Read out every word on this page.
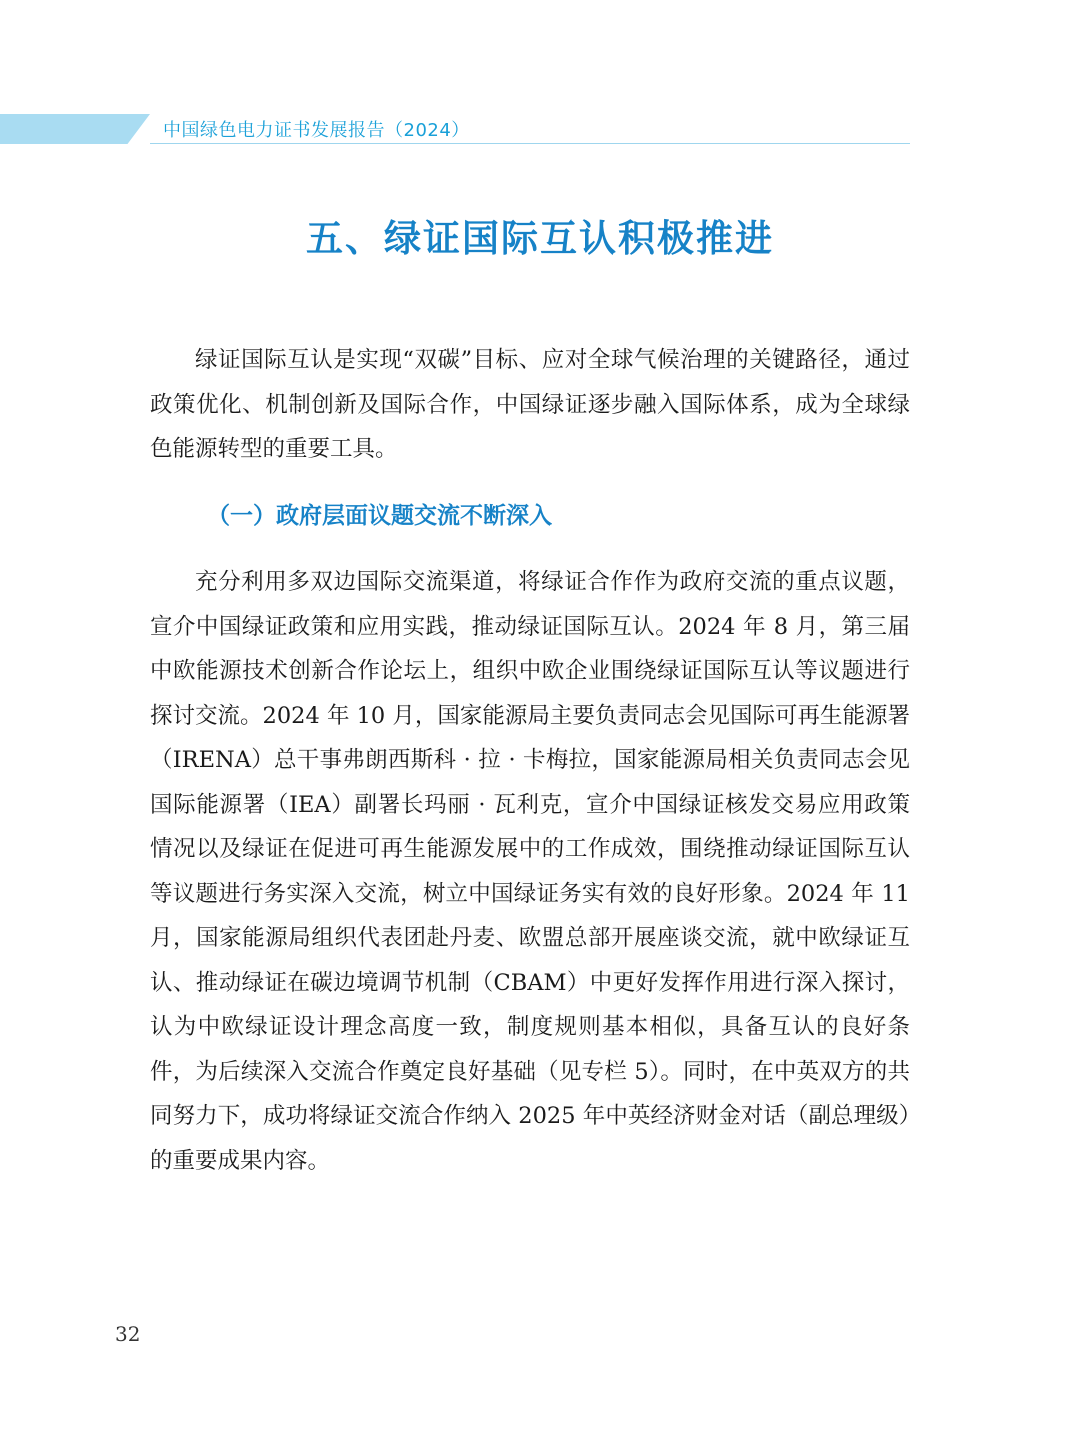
中国绿色电力证书发展报告（2024）
五、绿证国际互认积极推进

绿证国际互认是实现“双碳”目标、应对全球气候治理的关键路径，通过政策优化、机制创新及国际合作，中国绿证逐步融入国际体系，成为全球绿色能源转型的重要工具。

（一）政府层面议题交流不断深入

充分利用多双边国际交流渠道，将绿证合作作为政府交流的重点议题，宣介中国绿证政策和应用实践，推动绿证国际互认。2024 年 8 月，第三届中欧能源技术创新合作论坛上，组织中欧企业围绕绿证国际互认等议题进行探讨交流。2024 年 10 月，国家能源局主要负责同志会见国际可再生能源署（IRENA）总干事弗朗西斯科 · 拉 · 卡梅拉，国家能源局相关负责同志会见国际能源署（IEA）副署长玛丽 · 瓦利克，宣介中国绿证核发交易应用政策情况以及绿证在促进可再生能源发展中的工作成效，围绕推动绿证国际互认等议题进行务实深入交流，树立中国绿证务实有效的良好形象。2024 年 11 月，国家能源局组织代表团赴丹麦、欧盟总部开展座谈交流，就中欧绿证互认、推动绿证在碳边境调节机制（CBAM）中更好发挥作用进行深入探讨，认为中欧绿证设计理念高度一致，制度规则基本相似，具备互认的良好条件，为后续深入交流合作奠定良好基础（见专栏 5）。同时，在中英双方的共同努力下，成功将绿证交流合作纳入 2025 年中英经济财金对话（副总理级）的重要成果内容。

32
